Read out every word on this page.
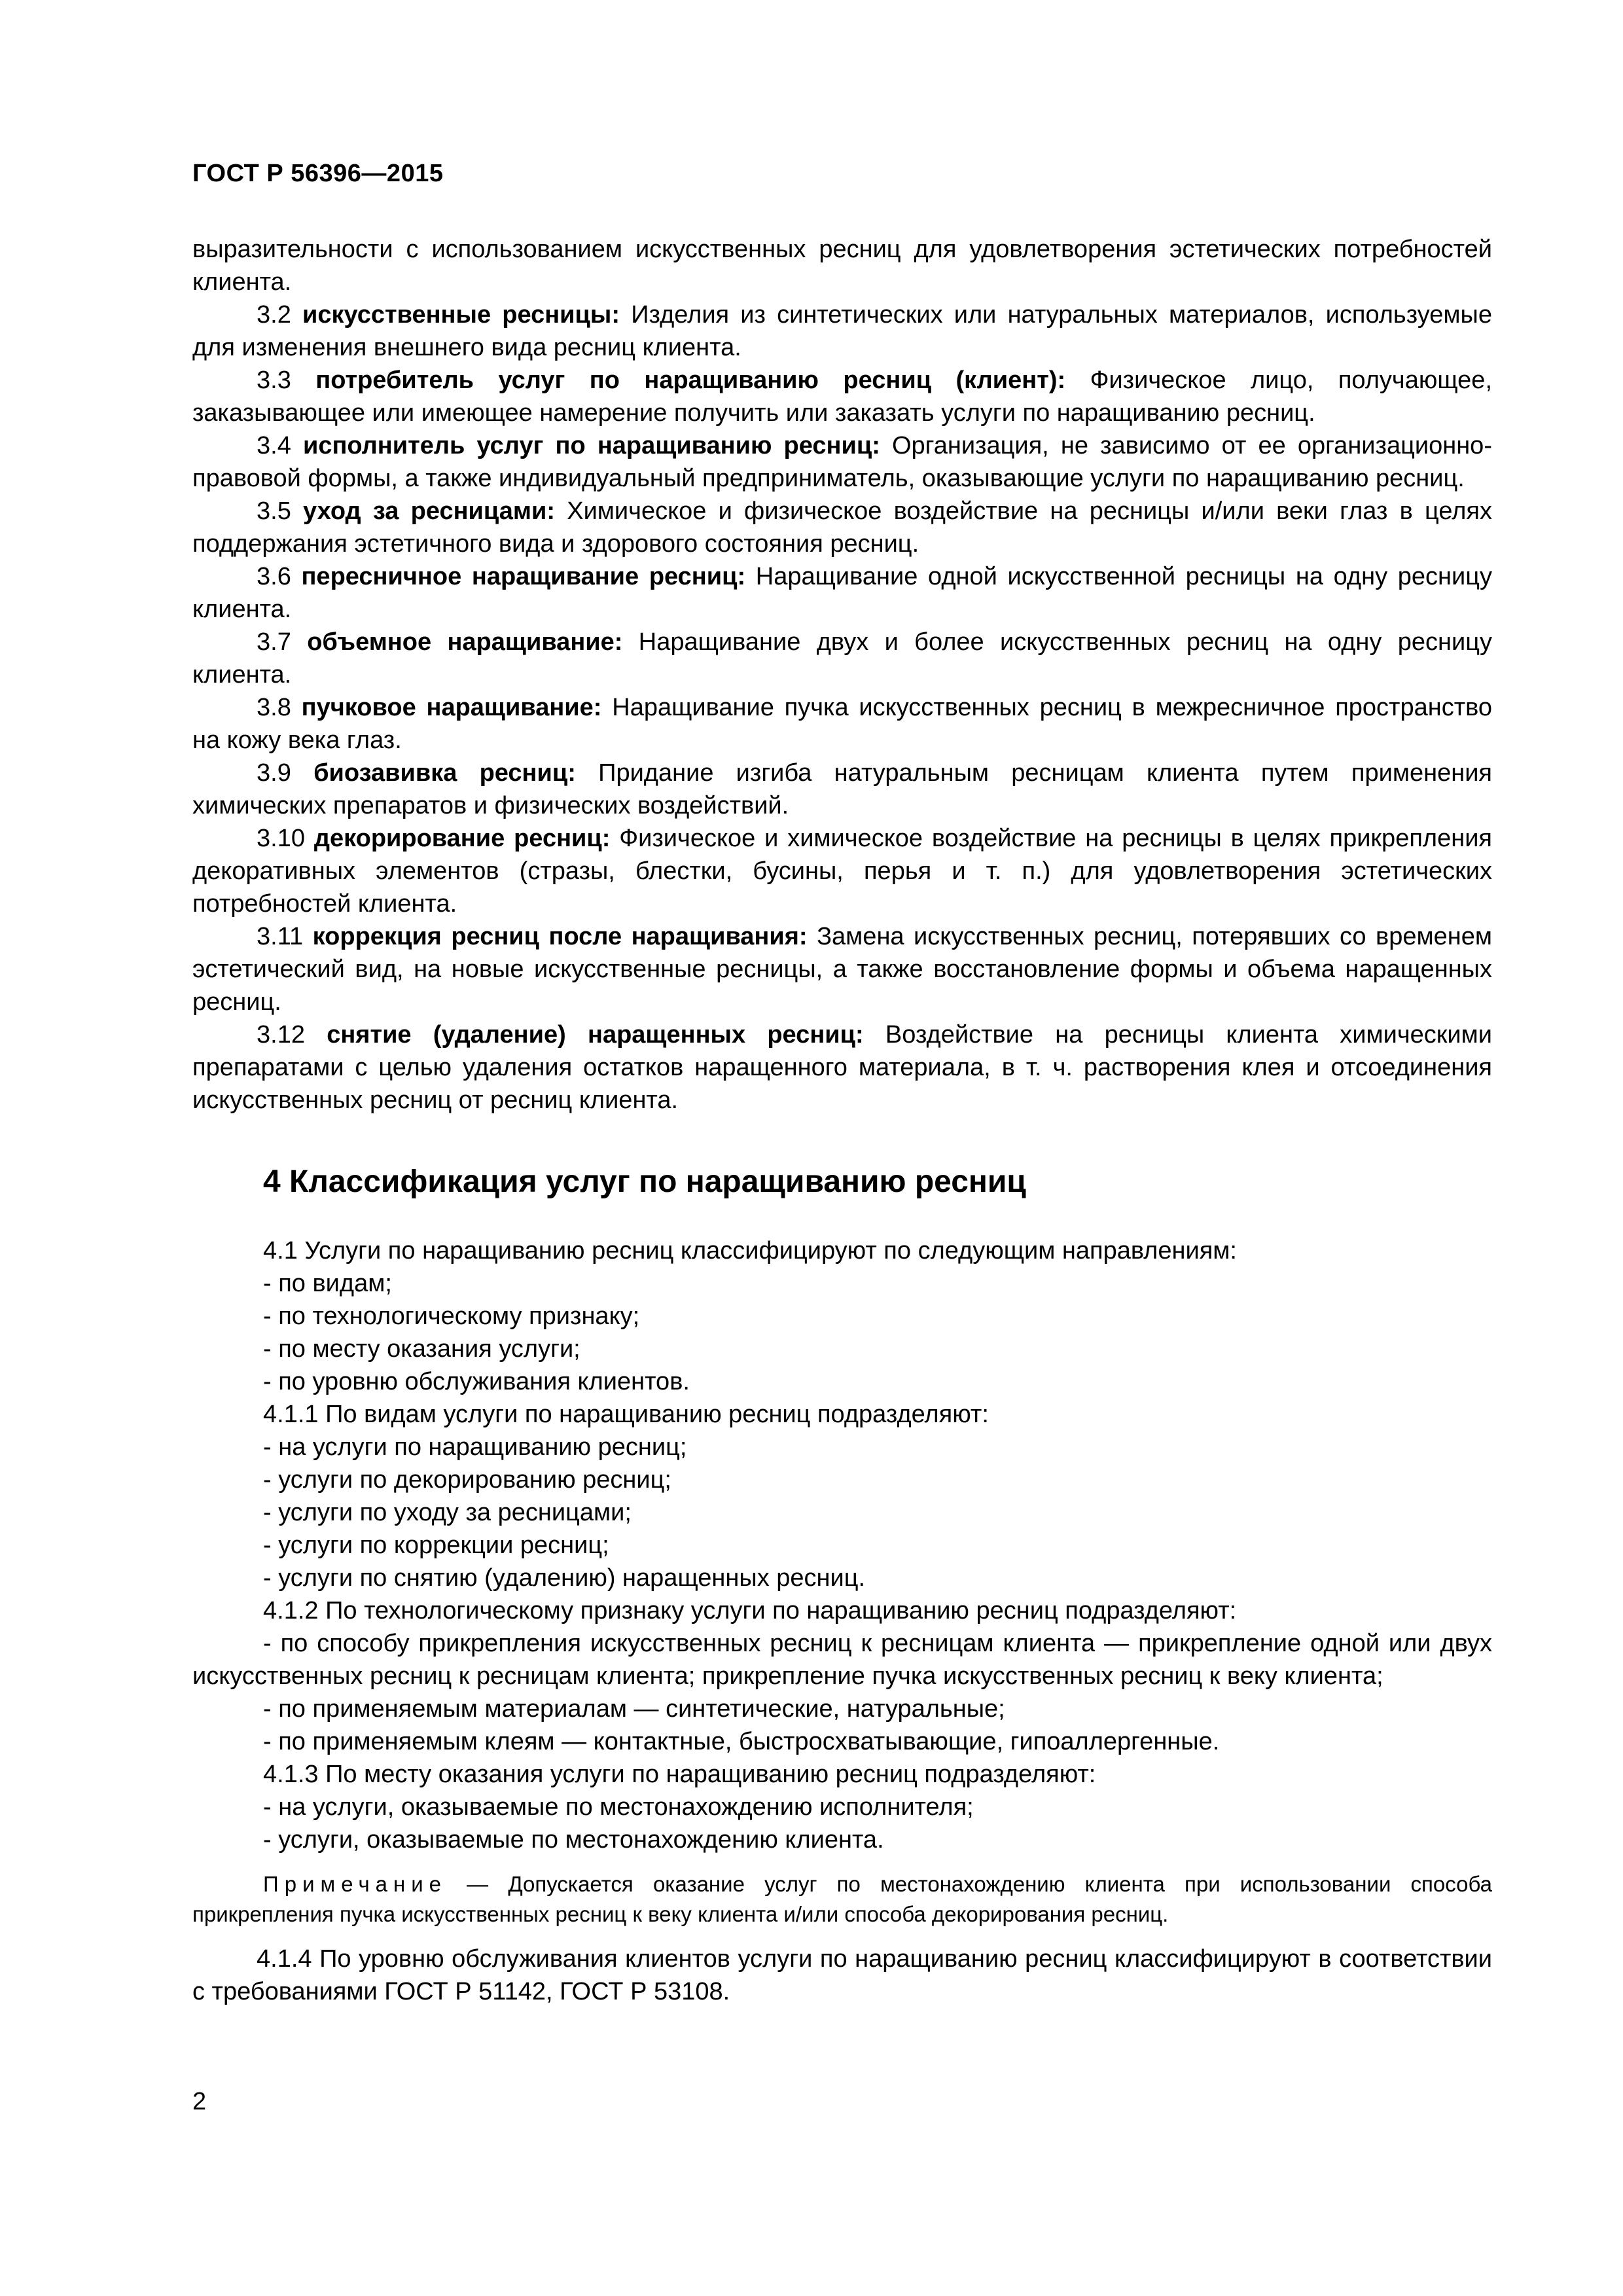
ГОСТ Р 56396—2015

выразительности с использованием искусственных ресниц для удовлетворения эстетических потребностей клиента.

3.2 искусственные ресницы: Изделия из синтетических или натуральных материалов, используемые для изменения внешнего вида ресниц клиента.

3.3 потребитель услуг по наращиванию ресниц (клиент): Физическое лицо, получающее, заказывающее или имеющее намерение получить или заказать услуги по наращиванию ресниц.

3.4 исполнитель услуг по наращиванию ресниц: Организация, не зависимо от ее организационно-правовой формы, а также индивидуальный предприниматель, оказывающие услуги по наращиванию ресниц.

3.5 уход за ресницами: Химическое и физическое воздействие на ресницы и/или веки глаз в целях поддержания эстетичного вида и здорового состояния ресниц.

3.6 пересничное наращивание ресниц: Наращивание одной искусственной ресницы на одну ресницу клиента.

3.7 объемное наращивание: Наращивание двух и более искусственных ресниц на одну ресницу клиента.

3.8 пучковое наращивание: Наращивание пучка искусственных ресниц в межресничное пространство на кожу века глаз.

3.9 биозавивка ресниц: Придание изгиба натуральным ресницам клиента путем применения химических препаратов и физических воздействий.

3.10 декорирование ресниц: Физическое и химическое воздействие на ресницы в целях прикрепления декоративных элементов (стразы, блестки, бусины, перья и т. п.) для удовлетворения эстетических потребностей клиента.

3.11 коррекция ресниц после наращивания: Замена искусственных ресниц, потерявших со временем эстетический вид, на новые искусственные ресницы, а также восстановление формы и объема наращенных ресниц.

3.12 снятие (удаление) наращенных ресниц: Воздействие на ресницы клиента химическими препаратами с целью удаления остатков наращенного материала, в т. ч. растворения клея и отсоединения искусственных ресниц от ресниц клиента.

4 Классификация услуг по наращиванию ресниц

4.1 Услуги по наращиванию ресниц классифицируют по следующим направлениям:

- по видам;

- по технологическому признаку;

- по месту оказания услуги;

- по уровню обслуживания клиентов.

4.1.1 По видам услуги по наращиванию ресниц подразделяют:

- на услуги по наращиванию ресниц;

- услуги по декорированию ресниц;

- услуги по уходу за ресницами;

- услуги по коррекции ресниц;

- услуги по снятию (удалению) наращенных ресниц.

4.1.2 По технологическому признаку услуги по наращиванию ресниц подразделяют:

- по способу прикрепления искусственных ресниц к ресницам клиента — прикрепление одной или двух искусственных ресниц к ресницам клиента; прикрепление пучка искусственных ресниц к веку клиента;

- по применяемым материалам — синтетические, натуральные;

- по применяемым клеям — контактные, быстросхватывающие, гипоаллергенные.

4.1.3 По месту оказания услуги по наращиванию ресниц подразделяют:

- на услуги, оказываемые по местонахождению исполнителя;

- услуги, оказываемые по местонахождению клиента.

Примечание — Допускается оказание услуг по местонахождению клиента при использовании способа прикрепления пучка искусственных ресниц к веку клиента и/или способа декорирования ресниц.

4.1.4 По уровню обслуживания клиентов услуги по наращиванию ресниц классифицируют в соответствии с требованиями ГОСТ Р 51142, ГОСТ Р 53108.

2
